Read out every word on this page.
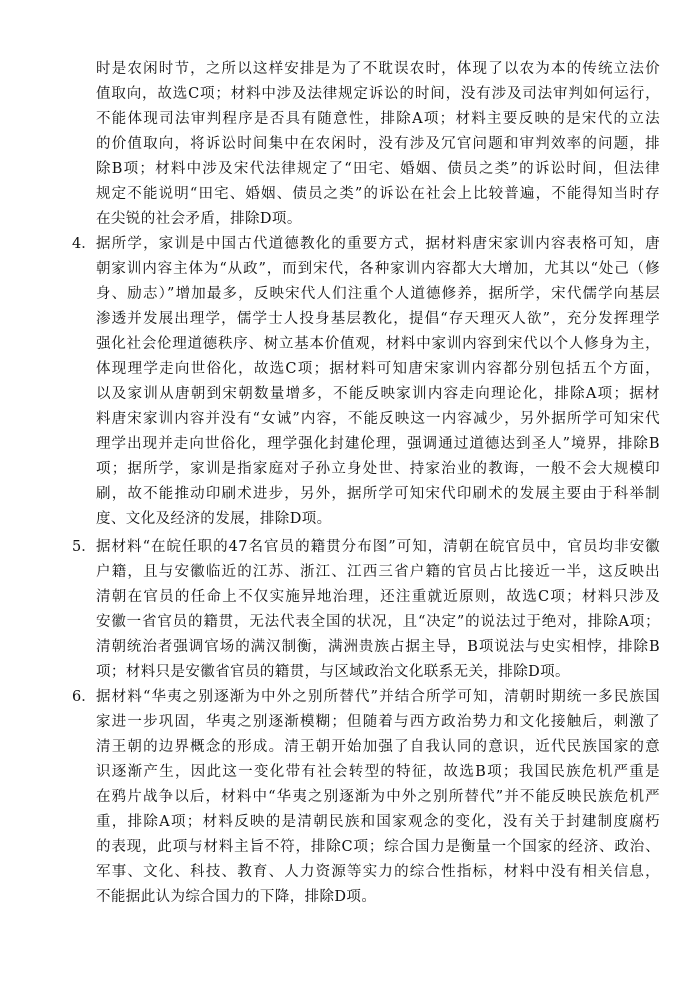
时是农闲时节，之所以这样安排是为了不耽误农时，体现了以农为本的传统立法价
值取向，故选C项；材料中涉及法律规定诉讼的时间，没有涉及司法审判如何运行，
不能体现司法审判程序是否具有随意性，排除A项；材料主要反映的是宋代的立法
的价值取向，将诉讼时间集中在农闲时，没有涉及冗官问题和审判效率的问题，排
除B项；材料中涉及宋代法律规定了“田宅、婚姻、债员之类”的诉讼时间，但法律
规定不能说明“田宅、婚姻、债员之类”的诉讼在社会上比较普遍，不能得知当时存
在尖锐的社会矛盾，排除D项。
4． 据所学，家训是中国古代道德教化的重要方式，据材料唐宋家训内容表格可知，唐
朝家训内容主体为“从政”，而到宋代，各种家训内容都大大增加，尤其以“处己（修
身、励志）”增加最多，反映宋代人们注重个人道德修养，据所学，宋代儒学向基层
渗透并发展出理学，儒学士人投身基层教化，提倡“存天理灭人欲”，充分发挥理学
强化社会伦理道德秩序、树立基本价值观，材料中家训内容到宋代以个人修身为主，
体现理学走向世俗化，故选C项；据材料可知唐宋家训内容都分别包括五个方面，
以及家训从唐朝到宋朝数量增多，不能反映家训内容走向理论化，排除A项；据材
料唐宋家训内容并没有“女诫”内容，不能反映这一内容减少，另外据所学可知宋代
理学出现并走向世俗化，理学强化封建伦理，强调通过道德达到圣人”境界，排除B
项；据所学，家训是指家庭对子孙立身处世、持家治业的教诲，一般不会大规模印
刷，故不能推动印刷术进步，另外，据所学可知宋代印刷术的发展主要由于科举制
度、文化及经济的发展，排除D项。
5． 据材料“在皖任职的47名官员的籍贯分布图”可知，清朝在皖官员中，官员均非安徽
户籍，且与安徽临近的江苏、浙江、江西三省户籍的官员占比接近一半，这反映出
清朝在官员的任命上不仅实施异地治理，还注重就近原则，故选C项；材料只涉及
安徽一省官员的籍贯，无法代表全国的状况，且“决定”的说法过于绝对，排除A项；
清朝统治者强调官场的满汉制衡，满洲贵族占据主导，B项说法与史实相悖，排除B
项；材料只是安徽省官员的籍贯，与区域政治文化联系无关，排除D项。
6． 据材料“华夷之别逐渐为中外之别所替代”并结合所学可知，清朝时期统一多民族国
家进一步巩固，华夷之别逐渐模糊；但随着与西方政治势力和文化接触后，刺激了
清王朝的边界概念的形成。清王朝开始加强了自我认同的意识，近代民族国家的意
识逐渐产生，因此这一变化带有社会转型的特征，故选B项；我国民族危机严重是
在鸦片战争以后，材料中“华夷之别逐渐为中外之别所替代”并不能反映民族危机严
重，排除A项；材料反映的是清朝民族和国家观念的变化，没有关于封建制度腐朽
的表现，此项与材料主旨不符，排除C项；综合国力是衡量一个国家的经济、政治、
军事、文化、科技、教育、人力资源等实力的综合性指标，材料中没有相关信息，
不能据此认为综合国力的下降，排除D项。
